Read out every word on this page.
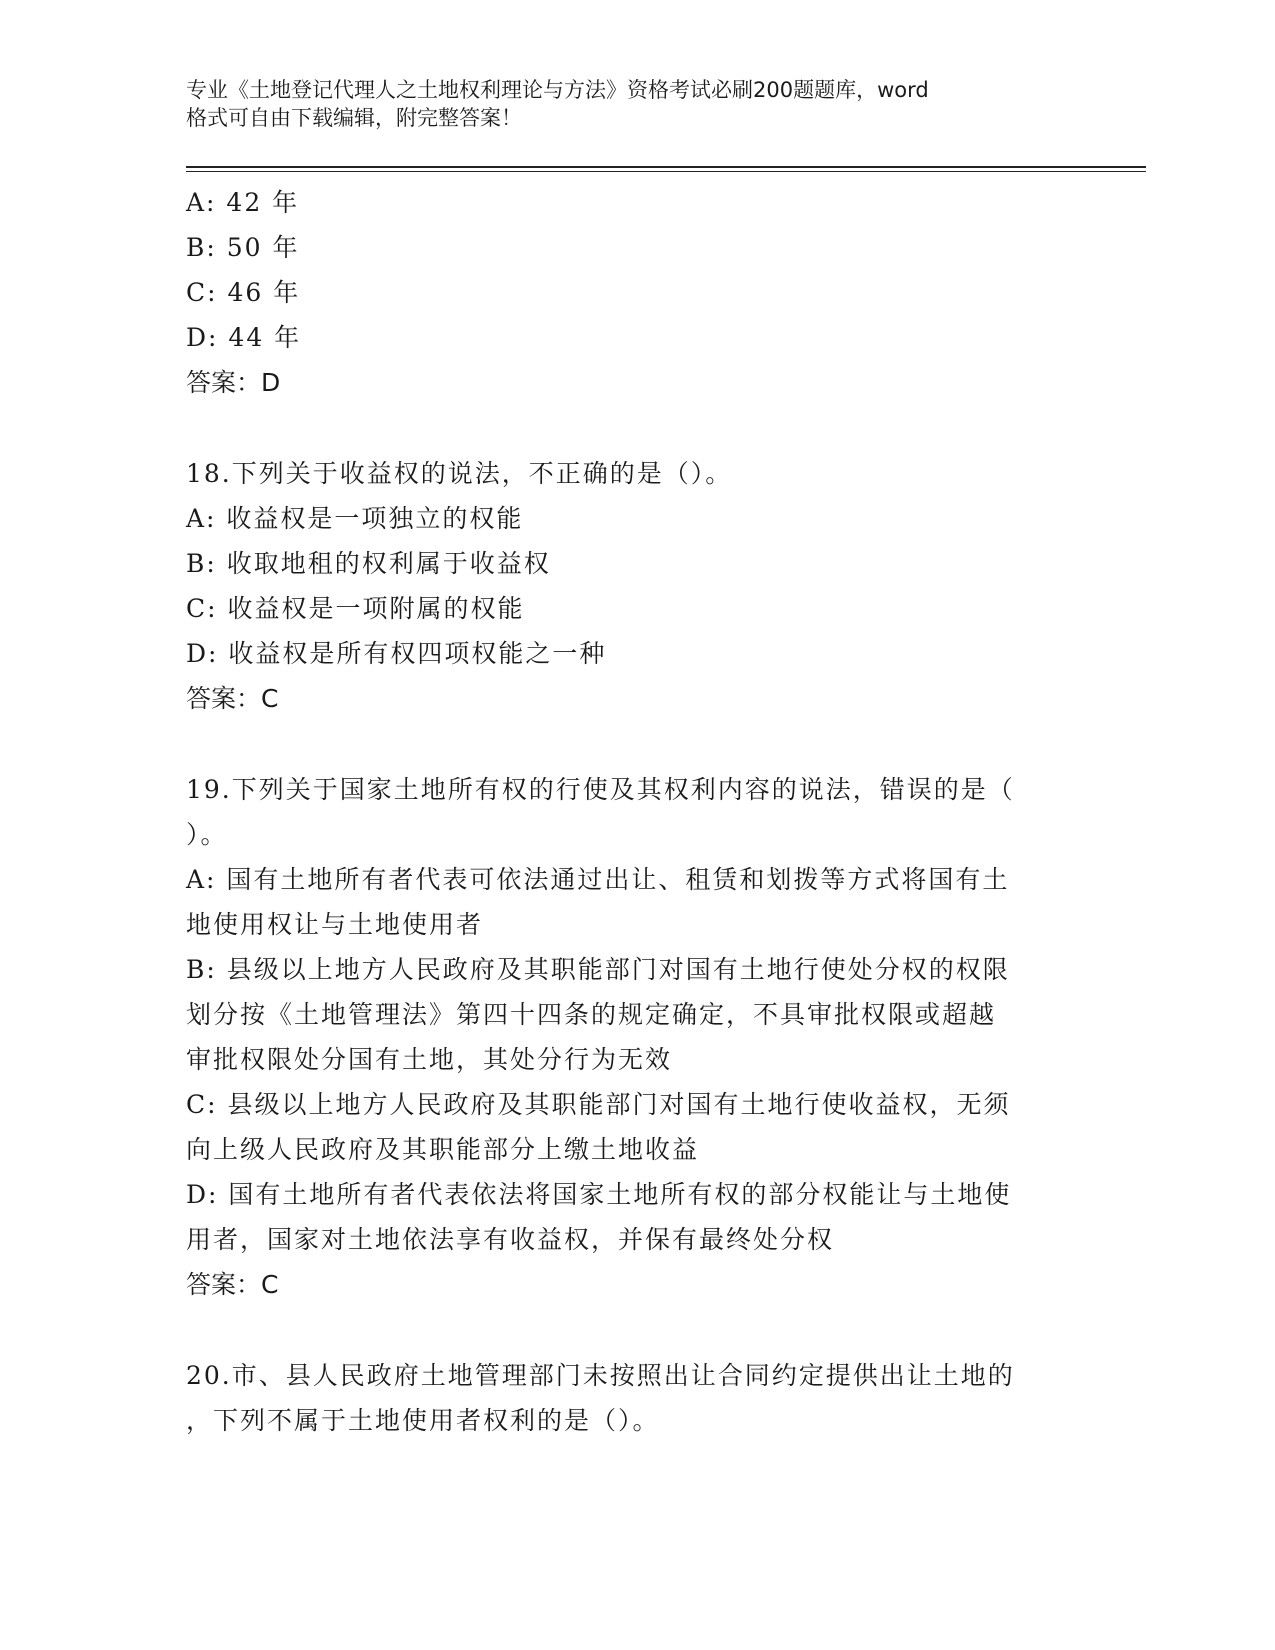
专业《土地登记代理人之土地权利理论与方法》资格考试必刷200题题库，word
格式可自由下载编辑，附完整答案！
A: 42 年
B: 50 年
C: 46 年
D: 44 年
答案：D
18.下列关于收益权的说法，不正确的是（）。
A: 收益权是一项独立的权能
B: 收取地租的权利属于收益权
C: 收益权是一项附属的权能
D: 收益权是所有权四项权能之一种
答案：C
19.下列关于国家土地所有权的行使及其权利内容的说法，错误的是（
）。
A: 国有土地所有者代表可依法通过出让、租赁和划拨等方式将国有土
地使用权让与土地使用者
B: 县级以上地方人民政府及其职能部门对国有土地行使处分权的权限
划分按《土地管理法》第四十四条的规定确定，不具审批权限或超越
审批权限处分国有土地，其处分行为无效
C: 县级以上地方人民政府及其职能部门对国有土地行使收益权，无须
向上级人民政府及其职能部分上缴土地收益
D: 国有土地所有者代表依法将国家土地所有权的部分权能让与土地使
用者，国家对土地依法享有收益权，并保有最终处分权
答案：C
20.市、县人民政府土地管理部门未按照出让合同约定提供出让土地的
，下列不属于土地使用者权利的是（）。
